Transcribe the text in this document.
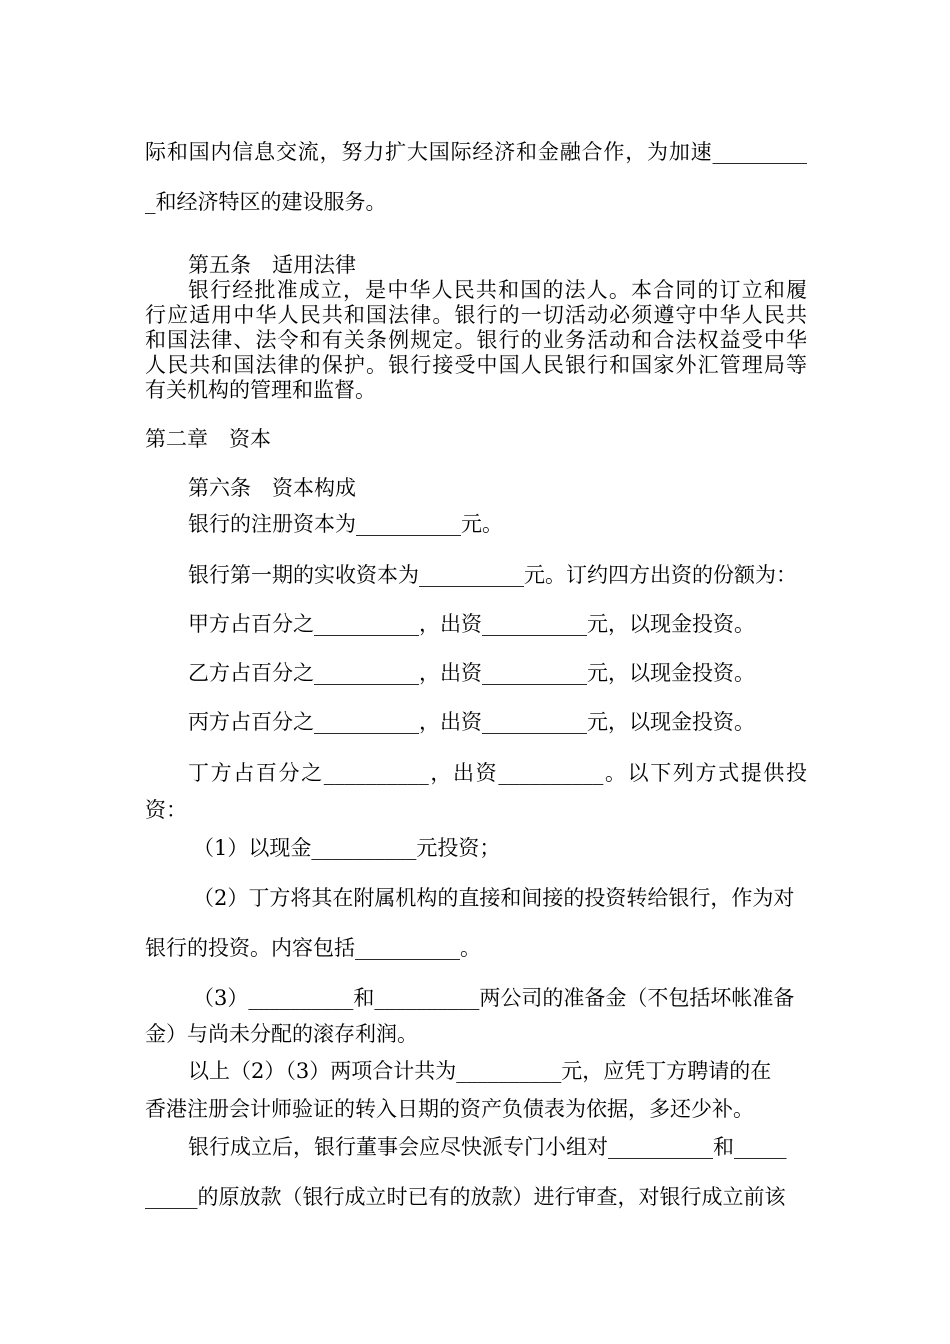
际和国内信息交流，努力扩大国际经济和金融合作，为加速_________

_和经济特区的建设服务。

第五条　适用法律

银行经批准成立，是中华人民共和国的法人。本合同的订立和履

行应适用中华人民共和国法律。银行的一切活动必须遵守中华人民共

和国法律、法令和有关条例规定。银行的业务活动和合法权益受中华

人民共和国法律的保护。银行接受中国人民银行和国家外汇管理局等

有关机构的管理和监督。

第二章　资本

第六条　资本构成

银行的注册资本为__________元。

银行第一期的实收资本为__________元。订约四方出资的份额为：

甲方占百分之__________，出资__________元，以现金投资。

乙方占百分之__________，出资__________元，以现金投资。

丙方占百分之__________，出资__________元，以现金投资。

丁方占百分之__________，出资__________。以下列方式提供投

资：

（1）以现金__________元投资；

（2）丁方将其在附属机构的直接和间接的投资转给银行，作为对

银行的投资。内容包括__________。

（3）__________和__________两公司的准备金（不包括坏帐准备

金）与尚未分配的滚存利润。

以上（2）（3）两项合计共为__________元，应凭丁方聘请的在

香港注册会计师验证的转入日期的资产负债表为依据，多还少补。

银行成立后，银行董事会应尽快派专门小组对__________和_____

_____的原放款（银行成立时已有的放款）进行审查，对银行成立前该
